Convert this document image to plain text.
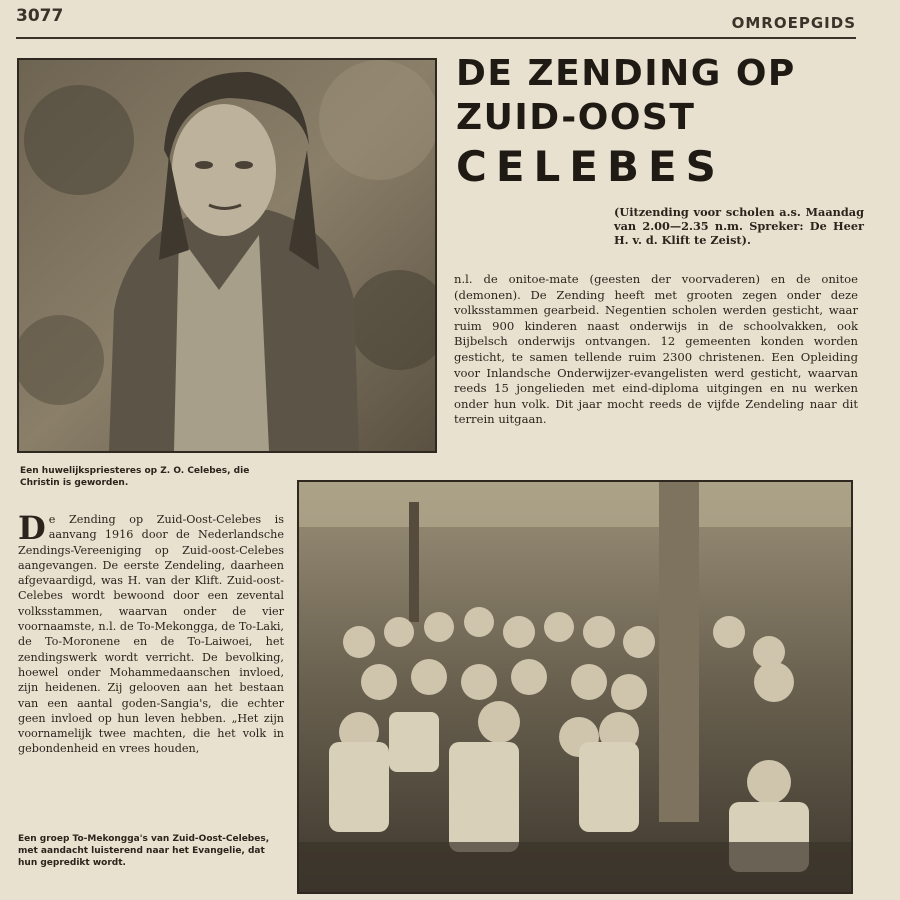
3077	OMROEPGIDS
DE ZENDING OP
ZUID-OOST
CELEBES

(Uitzending voor scholen a.s. Maandag van 2.00—2.35 n.m. Spreker: De Heer H. v. d. Klift te Zeist).

n.l. de onitoe-mate (geesten der voorvaderen) en de onitoe (demonen). De Zending heeft met grooten zegen onder deze volksstammen gearbeid. Negentien scholen werden gesticht, waar ruim 900 kinderen naast onderwijs in de schoolvakken, ook Bijbelsch onderwijs ontvangen. 12 gemeenten konden worden gesticht, te samen tellende ruim 2300 christenen. Een Opleiding voor Inlandsche Onderwijzer-evangelisten werd gesticht, waarvan reeds 15 jongelieden met eind-diploma uitgingen en nu werken onder hun volk. Dit jaar mocht reeds de vijfde Zendeling naar dit terrein uitgaan.

Een huwelijkspriesteres op Z. O. Celebes, die Christin is geworden.

De Zending op Zuid-Oost-Celebes is aanvang 1916 door de Nederlandsche Zendings-Vereeniging op Zuid-oost-Celebes aangevangen. De eerste Zendeling, daarheen afgevaardigd, was H. van der Klift. Zuid-oost-Celebes wordt bewoond door een zevental volksstammen, waarvan onder de vier voornaamste, n.l. de To-Mekongga, de To-Laki, de To-Moronene en de To-Laiwoei, het zendingswerk wordt verricht. De bevolking, hoewel onder Mohammedaanschen invloed, zijn heidenen. Zij gelooven aan het bestaan van een aantal goden-Sangia's, die echter geen invloed op hun leven hebben. „Het zijn voornamelijk twee machten, die het volk in gebondenheid en vrees houden,

Een groep To-Mekongga's van Zuid-Oost-Celebes, met aandacht luisterend naar het Evangelie, dat hun gepredikt wordt.
